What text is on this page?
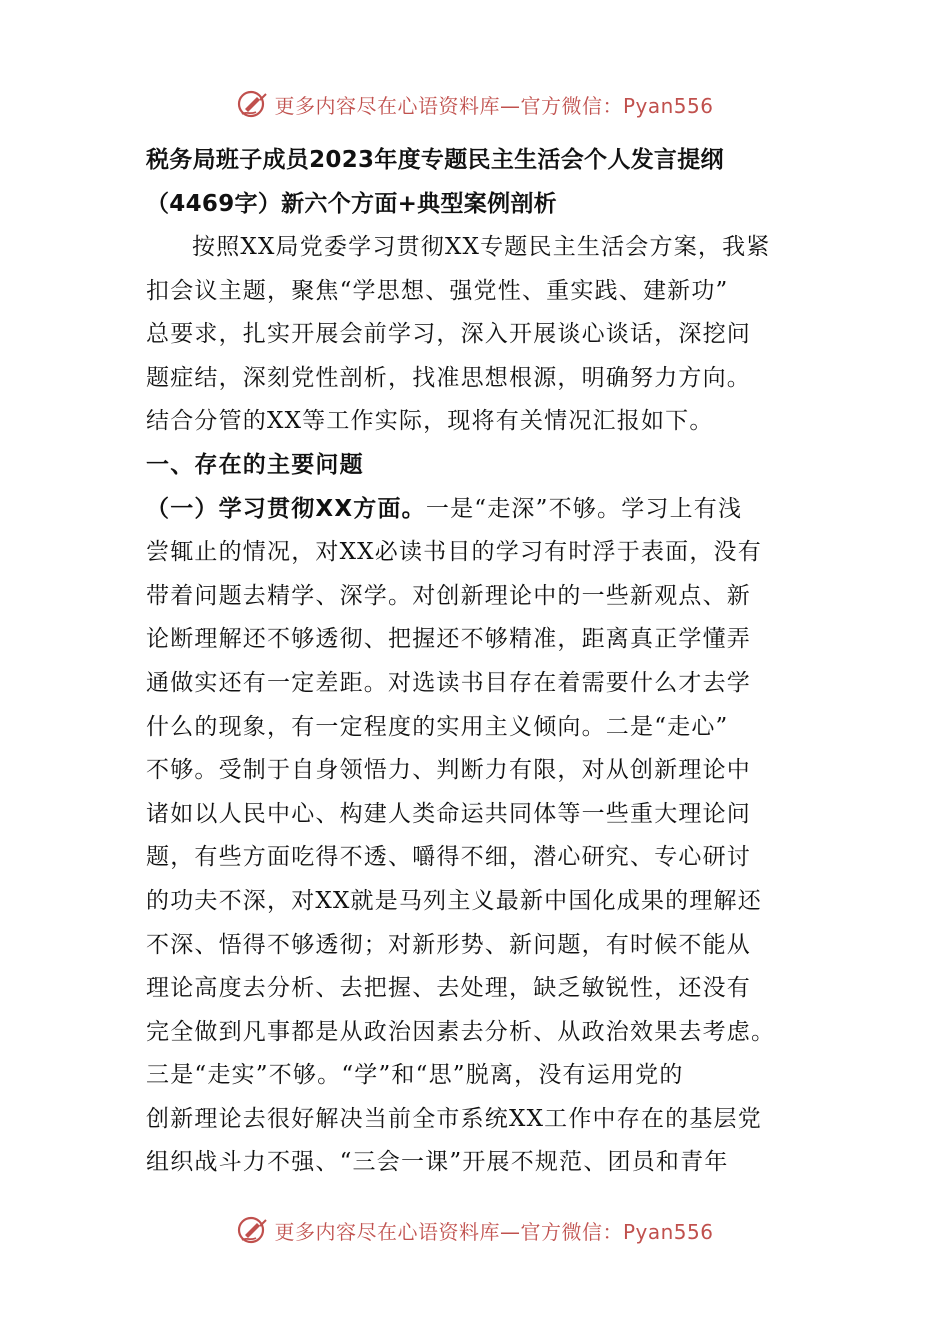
更多内容尽在心语资料库—官方微信：Pyan556
税务局班子成员2023年度专题民主生活会个人发言提纲
（4469字）新六个方面+典型案例剖析
按照XX局党委学习贯彻XX专题民主生活会方案，我紧
扣会议主题，聚焦“学思想、强党性、重实践、建新功”
总要求，扎实开展会前学习，深入开展谈心谈话，深挖问
题症结，深刻党性剖析，找准思想根源，明确努力方向。
结合分管的XX等工作实际，现将有关情况汇报如下。
一、存在的主要问题
（一）学习贯彻XX方面。一是“走深”不够。学习上有浅
尝辄止的情况，对XX必读书目的学习有时浮于表面，没有
带着问题去精学、深学。对创新理论中的一些新观点、新
论断理解还不够透彻、把握还不够精准，距离真正学懂弄
通做实还有一定差距。对选读书目存在着需要什么才去学
什么的现象，有一定程度的实用主义倾向。二是“走心”
不够。受制于自身领悟力、判断力有限，对从创新理论中
诸如以人民中心、构建人类命运共同体等一些重大理论问
题，有些方面吃得不透、嚼得不细，潜心研究、专心研讨
的功夫不深，对XX就是马列主义最新中国化成果的理解还
不深、悟得不够透彻；对新形势、新问题，有时候不能从
理论高度去分析、去把握、去处理，缺乏敏锐性，还没有
完全做到凡事都是从政治因素去分析、从政治效果去考虑。
三是“走实”不够。“学”和“思”脱离，没有运用党的
创新理论去很好解决当前全市系统XX工作中存在的基层党
组织战斗力不强、“三会一课”开展不规范、团员和青年
更多内容尽在心语资料库—官方微信：Pyan556
